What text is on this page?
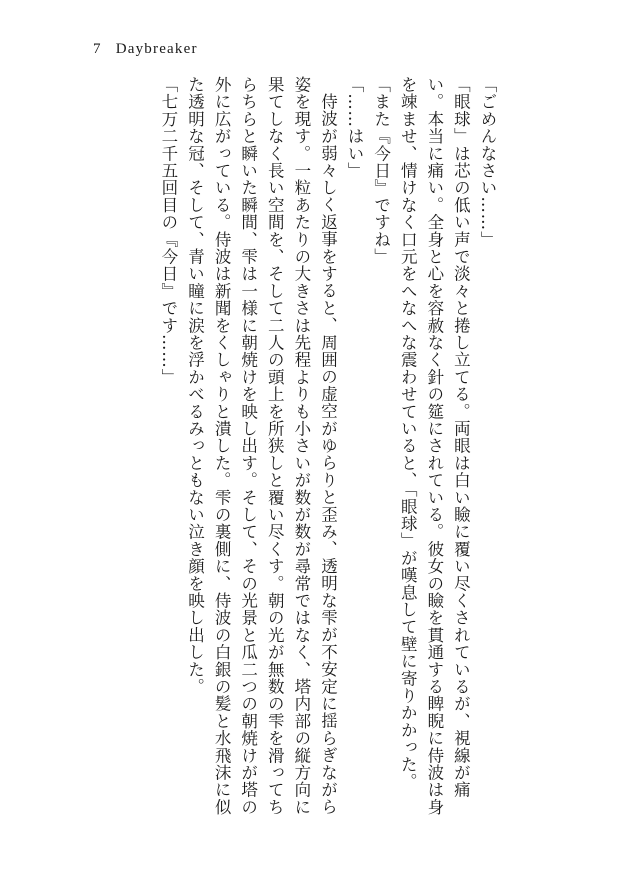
7 Daybreaker

「ごめんなさい……」

「眼球」は芯の低い声で淡々と捲し立てる。両眼は白い瞼に覆い尽くされているが、視線が痛い。本当に痛い。全身と心を容赦なく針の筵にされている。彼女の瞼を貫通する睥睨に侍波は身を竦ませ、情けなく口元をへなへな震わせていると、「眼球」が嘆息して壁に寄りかかった。

「また『今日』ですね」

「……はい」

侍波が弱々しく返事をすると、周囲の虚空がゆらりと歪み、透明な雫が不安定に揺らぎながら姿を現す。一粒あたりの大きさは先程よりも小さいが数が数が尋常ではなく、塔内部の縦方向に果てしなく長い空間を、そして二人の頭上を所狭しと覆い尽くす。朝の光が無数の雫を滑ってちらちらと瞬いた瞬間、雫は一様に朝焼けを映し出す。そして、その光景と瓜二つの朝焼けが塔の外に広がっている。侍波は新聞をくしゃりと潰した。雫の裏側に、侍波の白銀の髪と水飛沫に似た透明な冠、そして、青い瞳に涙を浮かべるみっともない泣き顔を映し出した。

「七万二千五回目の『今日』です……」
